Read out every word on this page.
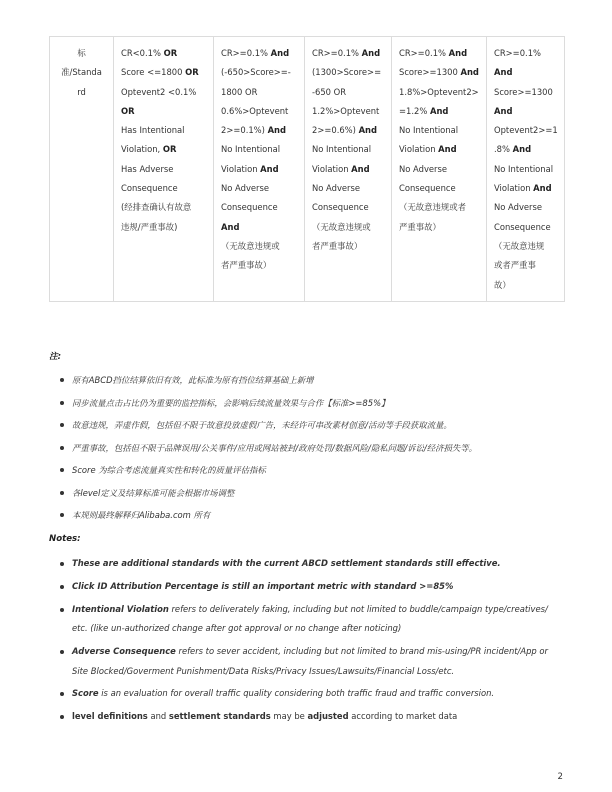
标
准/Standa
rd

CR<0.1% OR
Score <=1800 OR
Optevent2 <0.1%
OR
Has Intentional
Violation, OR
Has Adverse
Consequence
(经排查确认有故意
违规/严重事故)

CR>=0.1% And
(-650>Score>=-
1800 OR
0.6%>Optevent
2>=0.1%) And
No Intentional
Violation And
No Adverse
Consequence
And
（无故意违规或
者严重事故）

CR>=0.1% And
(1300>Score>=
-650 OR
1.2%>Optevent
2>=0.6%) And
No Intentional
Violation And
No Adverse
Consequence
（无故意违规或
者严重事故）

CR>=0.1% And
Score>=1300 And
1.8%>Optevent2>
=1.2% And
No Intentional
Violation And
No Adverse
Consequence
（无故意违规或者
严重事故）

CR>=0.1%
And
Score>=1300
And
Optevent2>=1
.8% And
No Intentional
Violation And
No Adverse
Consequence
（无故意违规
或者严重事
故）
注:
原有ABCD挡位结算依旧有效，此标准为原有挡位结算基础上新增
同步流量点击占比仍为重要的监控指标，会影响后续流量效果与合作【标准>=85%】
故意违规，弄虚作假，包括但不限于故意投放虚假广告，未经许可串改素材创意/活动等手段获取流量。
严重事故，包括但不限于品牌误用/公关事件/应用或网站被封/政府处罚/数据风险/隐私问题/诉讼/经济损失等。
Score 为综合考虑流量真实性和转化的质量评估指标
各level定义及结算标准可能会根据市场调整
本规则最终解释归Alibaba.com 所有
Notes:
These are additional standards with the current ABCD settlement standards still effective.
Click ID Attribution Percentage is still an important metric with standard >=85%
Intentional Violation refers to deliverately faking, including but not limited to buddle/campaign type/creatives/ etc. (like un-authorized change after got approval or no change after noticing)
Adverse Consequence refers to sever accident, including but not limited to brand mis-using/PR incident/App or Site Blocked/Goverment Punishment/Data Risks/Privacy Issues/Lawsuits/Financial Loss/etc.
Score is an evaluation for overall traffic quality considering both traffic fraud and traffic conversion.
level definitions and settlement standards may be adjusted according to market data
2
